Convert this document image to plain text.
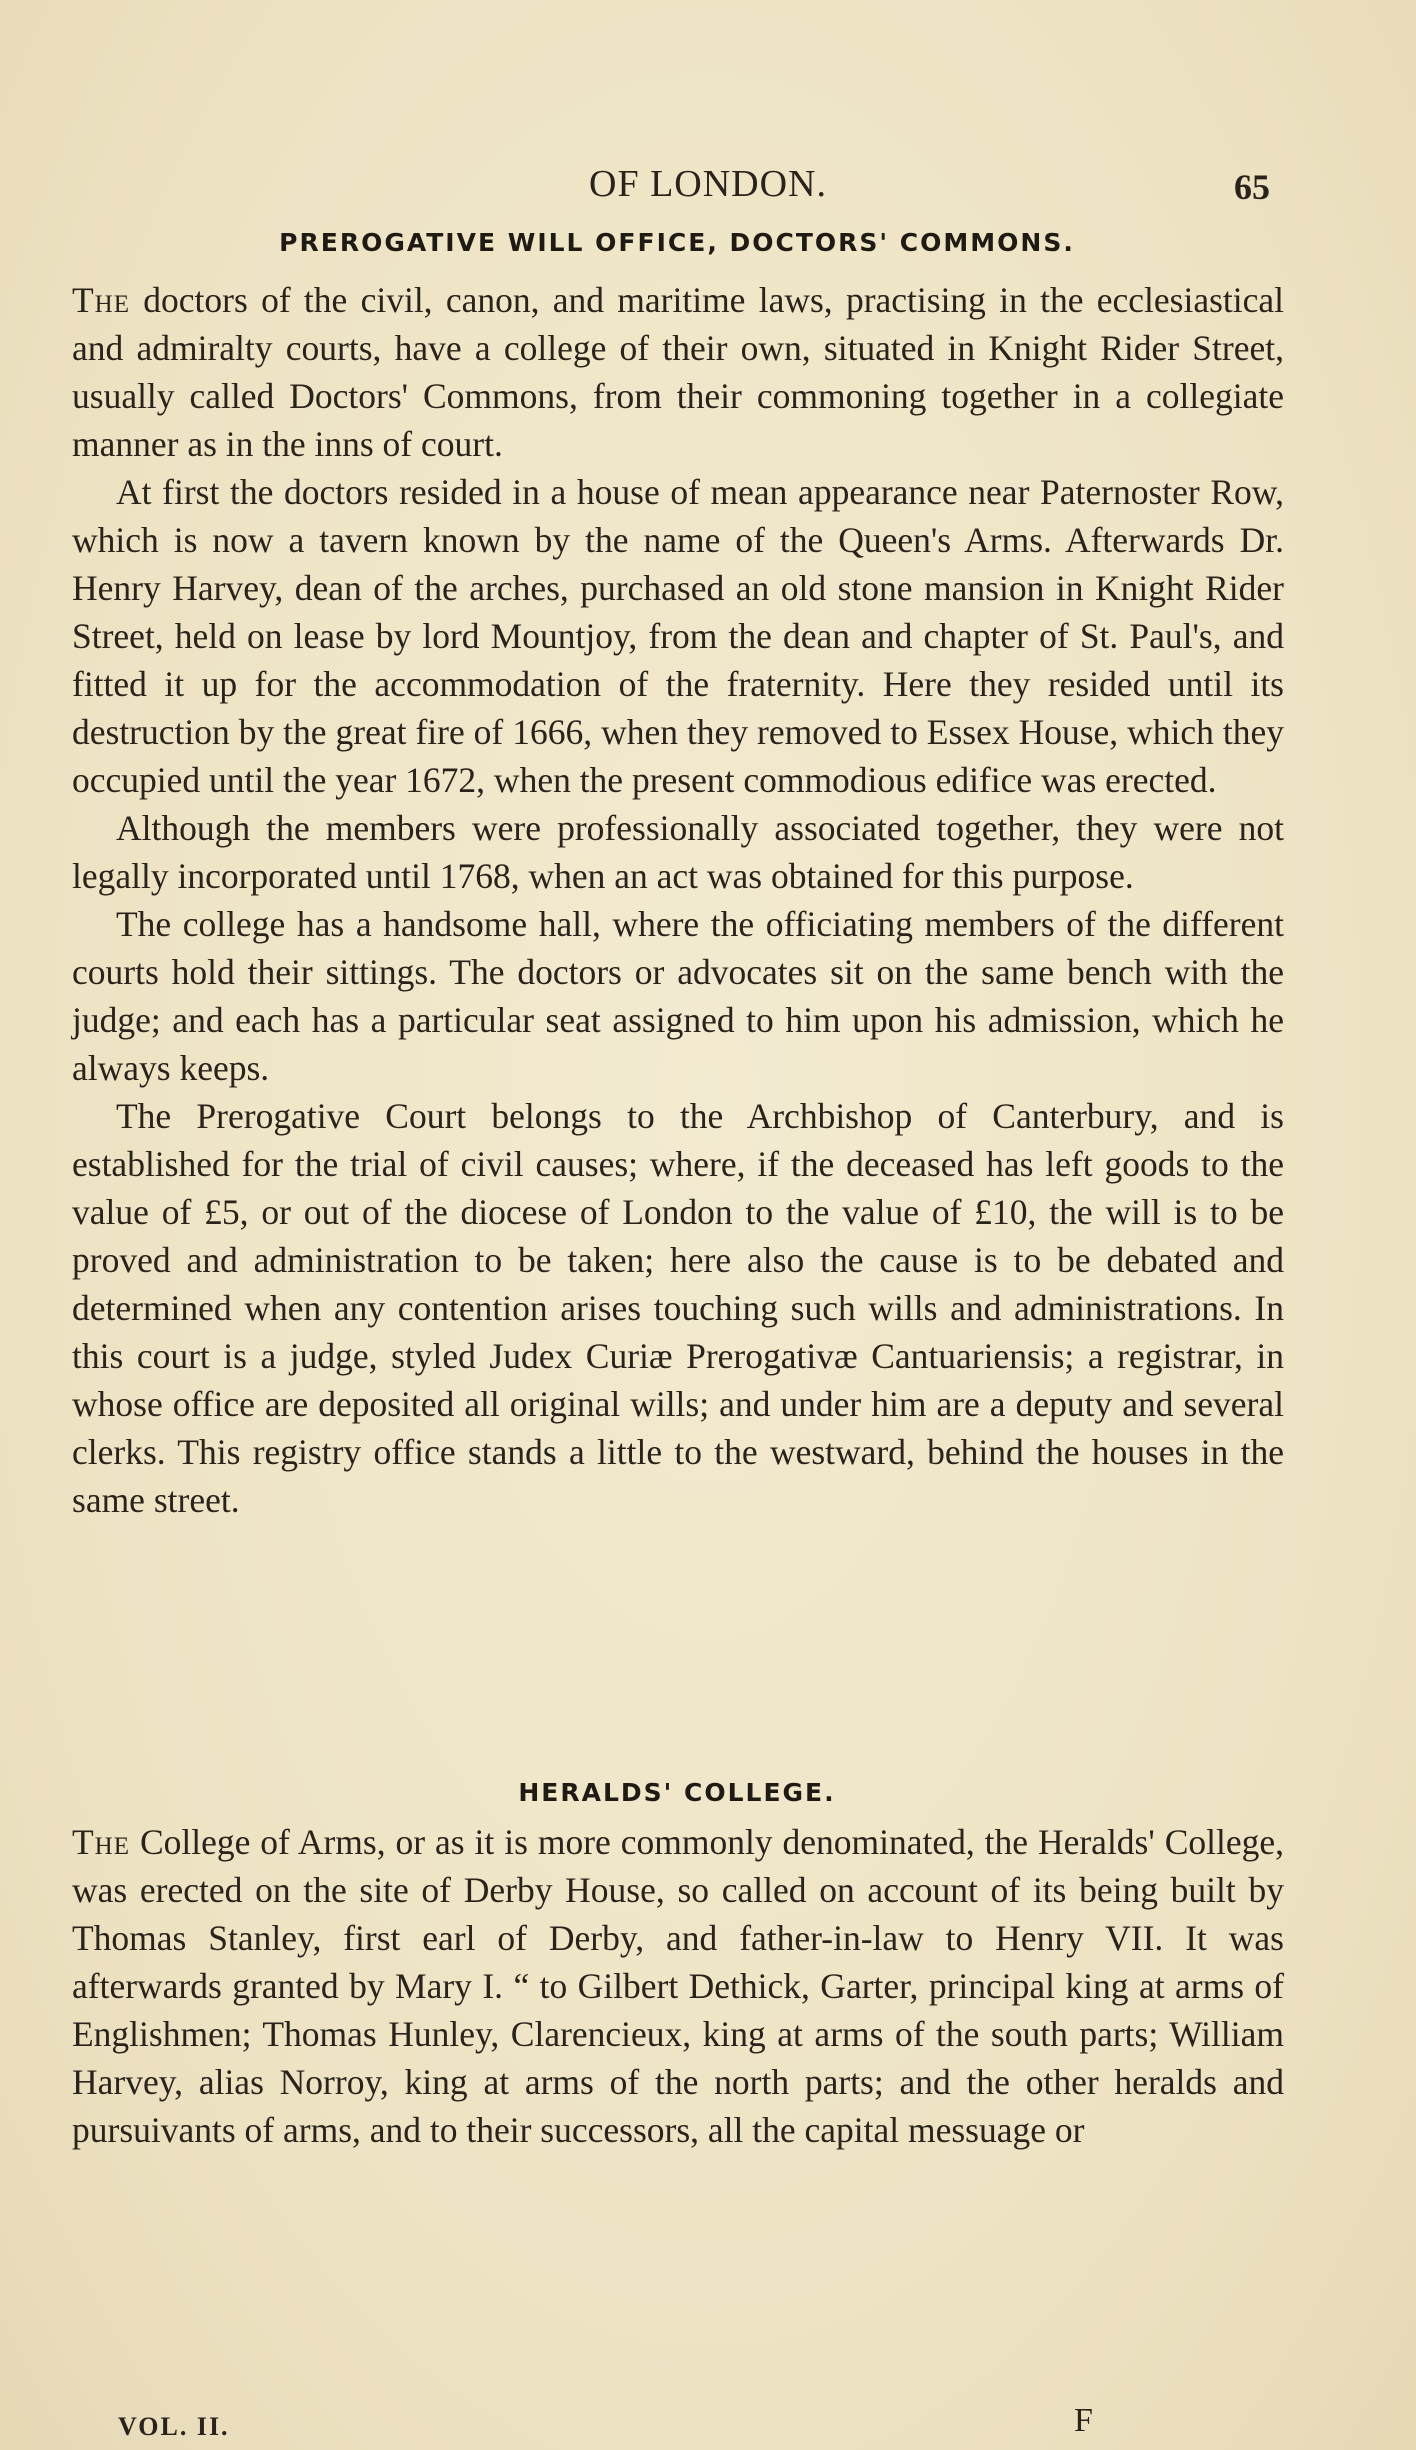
OF LONDON.	65
PREROGATIVE WILL OFFICE, DOCTORS' COMMONS.

The doctors of the civil, canon, and maritime laws, practising in the ecclesiastical and admiralty courts, have a college of their own, situated in Knight Rider Street, usually called Doctors' Commons, from their commoning together in a collegiate manner as in the inns of court.

At first the doctors resided in a house of mean appearance near Paternoster Row, which is now a tavern known by the name of the Queen's Arms. Afterwards Dr. Henry Harvey, dean of the arches, purchased an old stone mansion in Knight Rider Street, held on lease by lord Mountjoy, from the dean and chapter of St. Paul's, and fitted it up for the accommodation of the fraternity. Here they resided until its destruction by the great fire of 1666, when they removed to Essex House, which they occupied until the year 1672, when the present commodious edifice was erected.

Although the members were professionally associated together, they were not legally incorporated until 1768, when an act was obtained for this purpose.

The college has a handsome hall, where the officiating members of the different courts hold their sittings. The doctors or advocates sit on the same bench with the judge; and each has a particular seat assigned to him upon his admission, which he always keeps.

The Prerogative Court belongs to the Archbishop of Canterbury, and is established for the trial of civil causes; where, if the deceased has left goods to the value of £5, or out of the diocese of London to the value of £10, the will is to be proved and administration to be taken; here also the cause is to be debated and determined when any contention arises touching such wills and administrations. In this court is a judge, styled Judex Curiæ Prerogativæ Cantuariensis; a registrar, in whose office are deposited all original wills; and under him are a deputy and several clerks. This registry office stands a little to the westward, behind the houses in the same street.

HERALDS' COLLEGE.

The College of Arms, or as it is more commonly denominated, the Heralds' College, was erected on the site of Derby House, so called on account of its being built by Thomas Stanley, first earl of Derby, and father-in-law to Henry VII. It was afterwards granted by Mary I. “ to Gilbert Dethick, Garter, principal king at arms of Englishmen; Thomas Hunley, Clarencieux, king at arms of the south parts; William Harvey, alias Norroy, king at arms of the north parts; and the other heralds and pursuivants of arms, and to their successors, all the capital messuage or

VOL. II.	F
